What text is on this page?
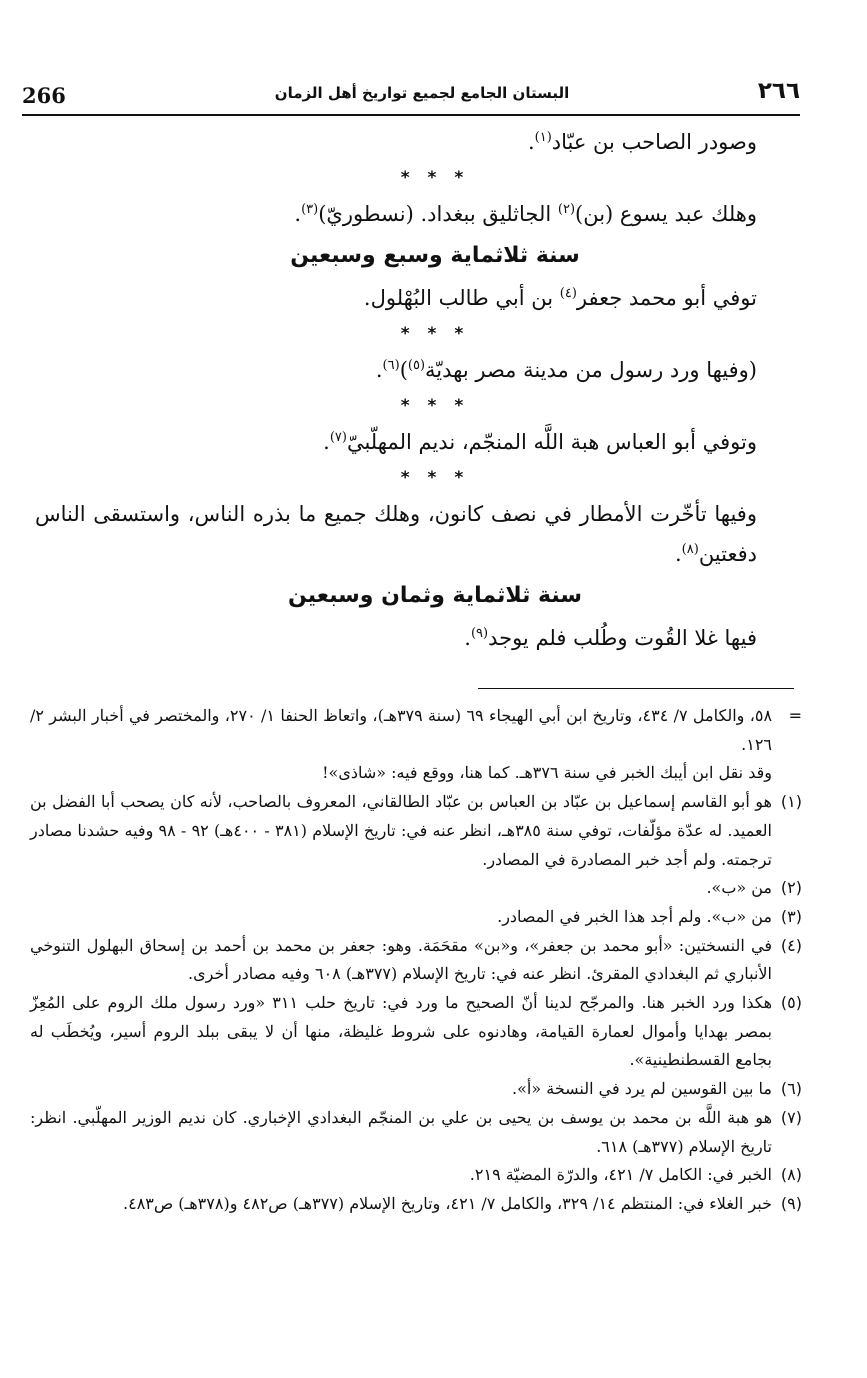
266	البستان الجامع لجميع تواريخ أهل الزمان	٢٦٦

وصودر الصاحب بن عبّاد$^{(١)}$.

* * *

وهلك عبد يسوع (بن)$^{(٢)}$ الجاثليق ببغداد. (نسطوريّ)$^{(٣)}$.

سنة ثلاثماية وسبع وسبعين

توفي أبو محمد جعفر$^{(٤)}$ بن أبي طالب البُهْلول.

* * *

(وفيها ورد رسول من مدينة مصر بهديّة$^{(٥)}$)$^{(٦)}$.

* * *

وتوفي أبو العباس هبة اللَّه المنجّم، نديم المهلّبيّ$^{(٧)}$.

* * *

وفيها تأخّرت الأمطار في نصف كانون، وهلك جميع ما بذره الناس، واستسقى الناس دفعتين$^{(٨)}$.

سنة ثلاثماية وثمان وسبعين

فيها غلا القُوت وطُلب فلم يوجد$^{(٩)}$.

=
٥٨، والكامل ٧/ ٤٣٤، وتاريخ ابن أبي الهيجاء ٦٩ (سنة ٣٧٩هـ)، واتعاظ الحنفا ١/ ٢٧٠، والمختصر في أخبار البشر ٢/ ١٢٦.

وقد نقل ابن أيبك الخبر في سنة ٣٧٦هـ. كما هنا، ووقع فيه: «شاذى»!

(١)
هو أبو القاسم إسماعيل بن عبّاد بن العباس بن عبّاد الطالقاني، المعروف بالصاحب، لأنه كان يصحب أبا الفضل بن العميد. له عدّة مؤلّفات، توفي سنة ٣٨٥هـ، انظر عنه في: تاريخ الإسلام (٣٨١ - ٤٠٠هـ) ٩٢ - ٩٨ وفيه حشدنا مصادر ترجمته. ولم أجد خبر المصادرة في المصادر.
(٢)
من «ب».
(٣)
من «ب». ولم أجد هذا الخبر في المصادر.
(٤)
في النسختين: «أبو محمد بن جعفر»، و«بن» مقحَمَة. وهو: جعفر بن محمد بن أحمد بن إسحاق البهلول التنوخي الأنباري ثم البغدادي المقرئ. انظر عنه في: تاريخ الإسلام (٣٧٧هـ) ٦٠٨ وفيه مصادر أخرى.
(٥)
هكذا ورد الخبر هنا. والمرجّح لدينا أنّ الصحيح ما ورد في: تاريخ حلب ٣١١ «ورد رسول ملك الروم على المُعِزّ بمصر بهدايا وأموال لعمارة القيامة، وهادنوه على شروط غليظة، منها أن لا يبقى ببلد الروم أسير، ويُخطَب له بجامع القسطنطينية».
(٦)
ما بين القوسين لم يرد في النسخة «أ».
(٧)
هو هبة اللَّه بن محمد بن يوسف بن يحيى بن علي بن المنجّم البغدادي الإخباري. كان نديم الوزير المهلّبي. انظر: تاريخ الإسلام (٣٧٧هـ) ٦١٨.
(٨)
الخبر في: الكامل ٧/ ٤٢١، والدرّة المضيّة ٢١٩.
(٩)
خبر الغلاء في: المنتظم ١٤/ ٣٢٩، والكامل ٧/ ٤٢١، وتاريخ الإسلام (٣٧٧هـ) ص٤٨٢ و(٣٧٨هـ) ص٤٨٣.
